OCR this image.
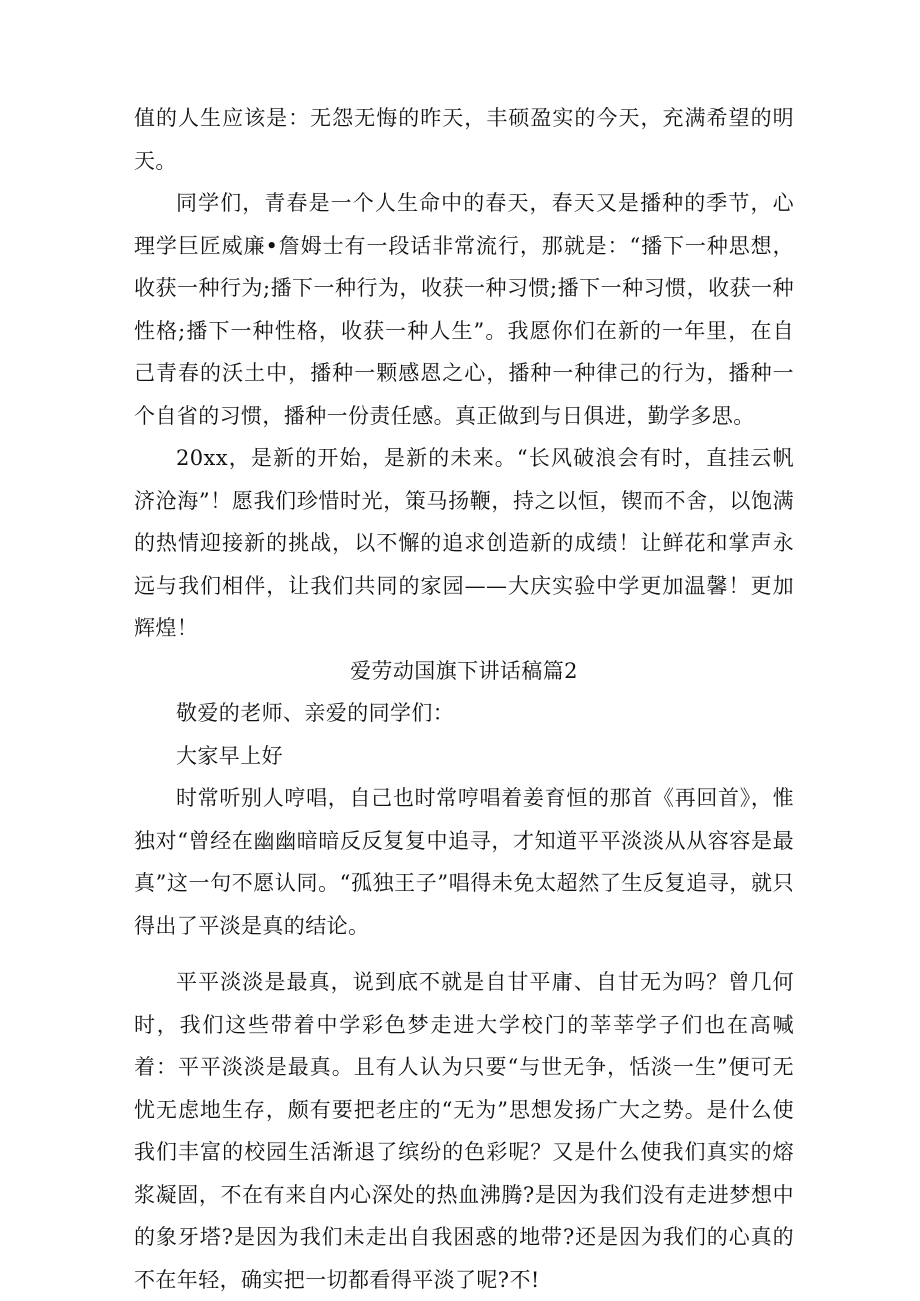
值的人生应该是：无怨无悔的昨天，丰硕盈实的今天，充满希望的明天。

同学们，青春是一个人生命中的春天，春天又是播种的季节，心理学巨匠威廉•詹姆士有一段话非常流行，那就是：“播下一种思想，收获一种行为;播下一种行为，收获一种习惯;播下一种习惯，收获一种性格;播下一种性格，收获一种人生”。我愿你们在新的一年里，在自己青春的沃土中，播种一颗感恩之心，播种一种律己的行为，播种一个自省的习惯，播种一份责任感。真正做到与日俱进，勤学多思。

20xx，是新的开始，是新的未来。“长风破浪会有时，直挂云帆济沧海”！愿我们珍惜时光，策马扬鞭，持之以恒，锲而不舍，以饱满的热情迎接新的挑战，以不懈的追求创造新的成绩！让鲜花和掌声永远与我们相伴，让我们共同的家园——大庆实验中学更加温馨！更加辉煌！

爱劳动国旗下讲话稿篇2

敬爱的老师、亲爱的同学们：

大家早上好

时常听别人哼唱，自己也时常哼唱着姜育恒的那首《再回首》，惟独对“曾经在幽幽暗暗反反复复中追寻，才知道平平淡淡从从容容是最真”这一句不愿认同。“孤独王子”唱得未免太超然了生反复追寻，就只得出了平淡是真的结论。

平平淡淡是最真，说到底不就是自甘平庸、自甘无为吗？曾几何时，我们这些带着中学彩色梦走进大学校门的莘莘学子们也在高喊着：平平淡淡是最真。且有人认为只要“与世无争，恬淡一生”便可无忧无虑地生存，颇有要把老庄的“无为”思想发扬广大之势。是什么使我们丰富的校园生活渐退了缤纷的色彩呢？又是什么使我们真实的熔浆凝固，不在有来自内心深处的热血沸腾?是因为我们没有走进梦想中的象牙塔?是因为我们未走出自我困惑的地带?还是因为我们的心真的不在年轻，确实把一切都看得平淡了呢?不!
